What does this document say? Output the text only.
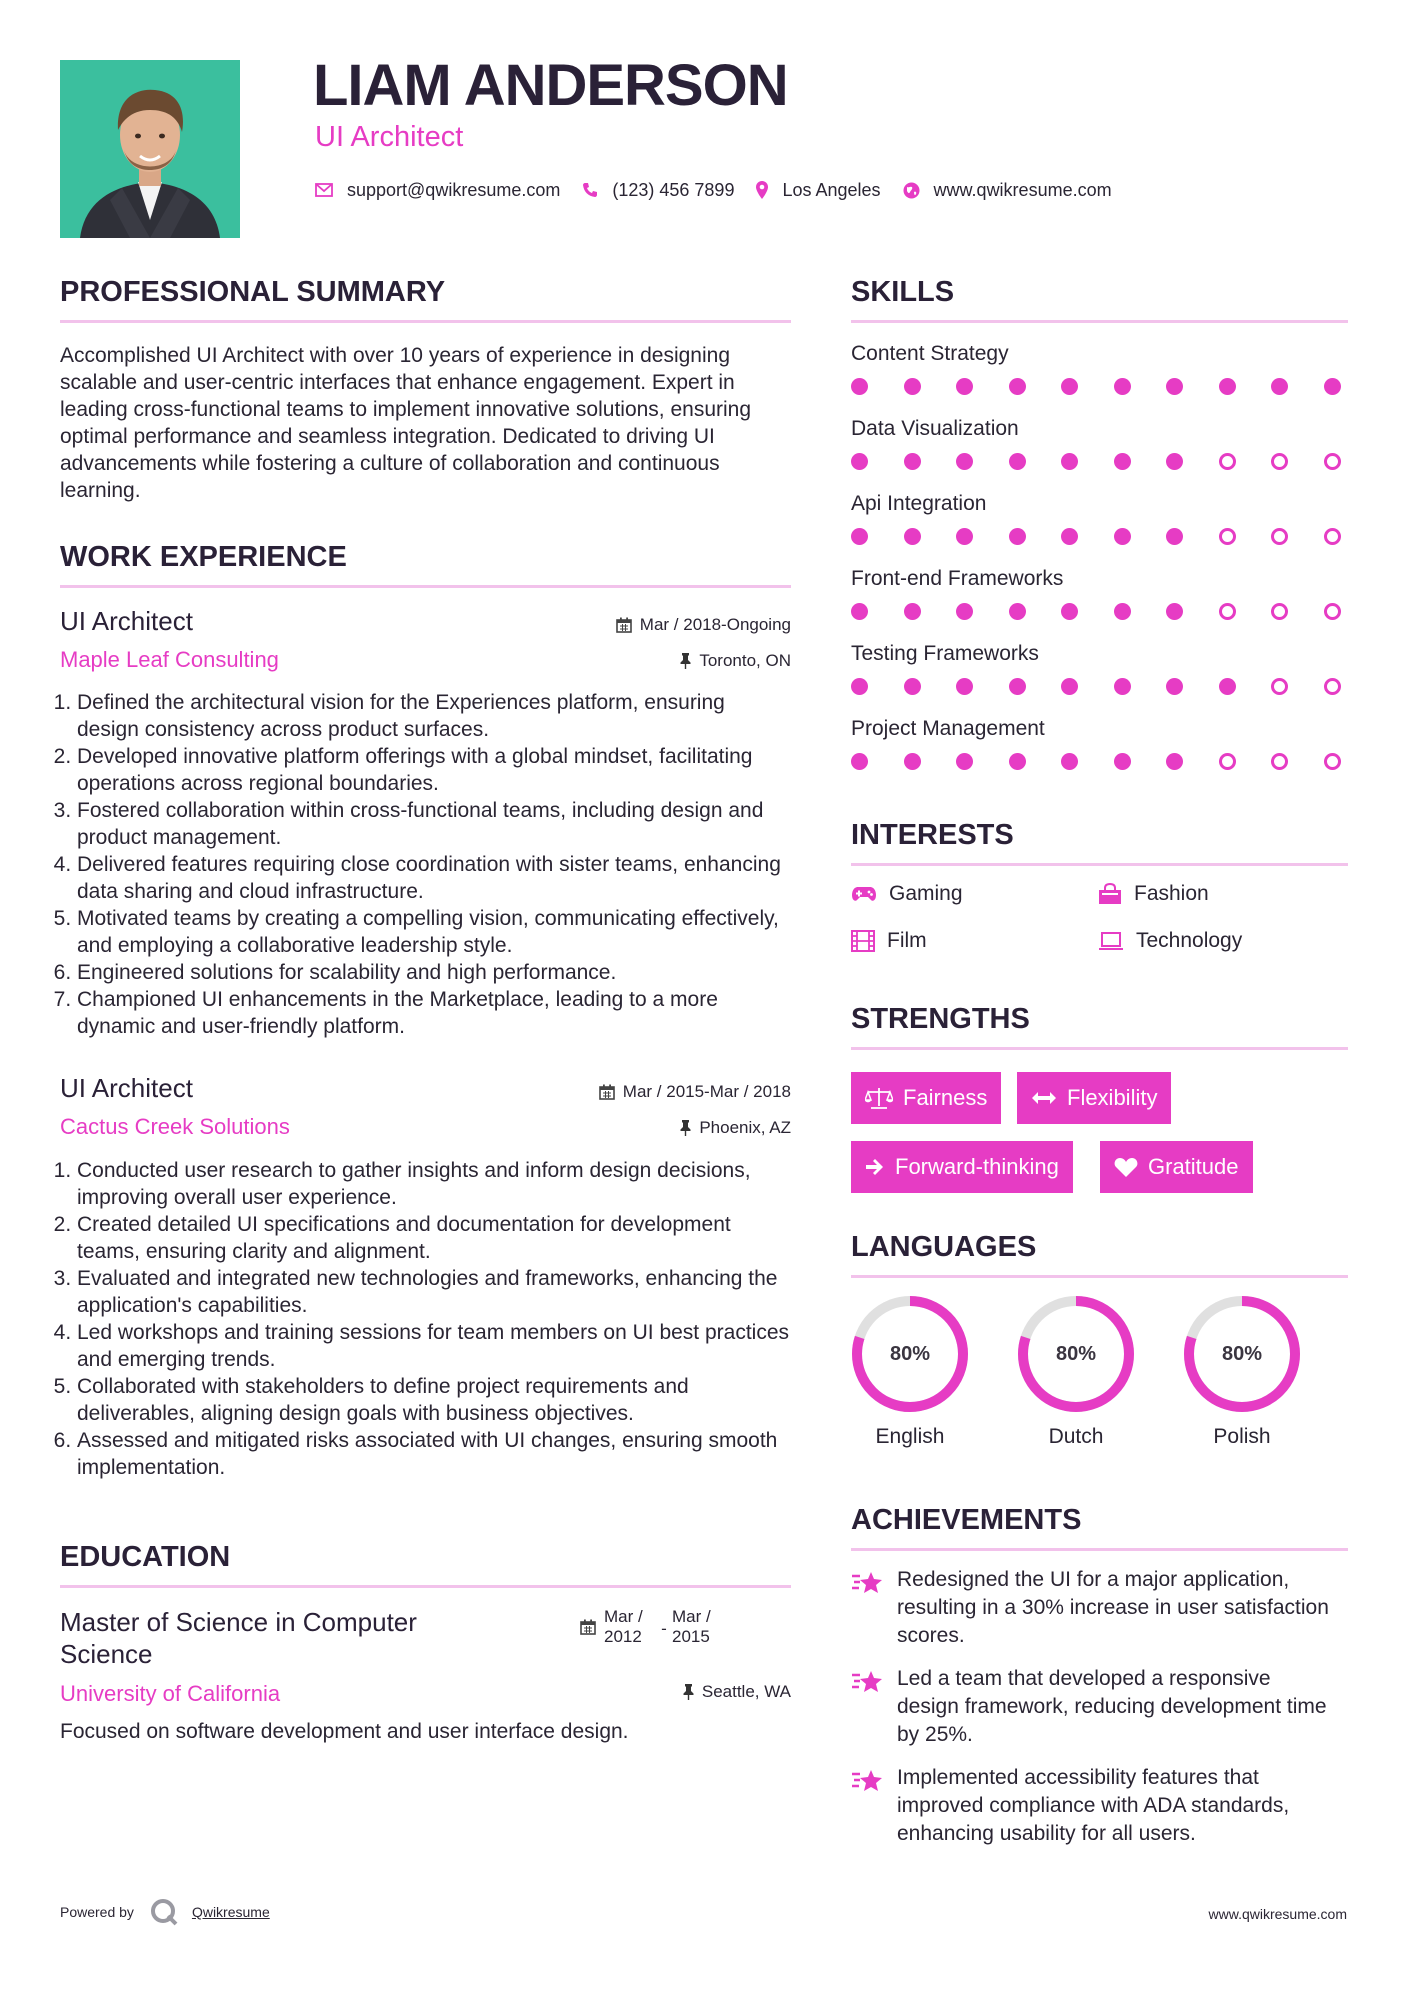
LIAM ANDERSON
UI Architect
support@qwikresume.com	(123) 456 7899	Los Angeles	www.qwikresume.com
PROFESSIONAL SUMMARY
Accomplished UI Architect with over 10 years of experience in designing scalable and user-centric interfaces that enhance engagement. Expert in leading cross-functional teams to implement innovative solutions, ensuring optimal performance and seamless integration. Dedicated to driving UI advancements while fostering a culture of collaboration and continuous learning.
WORK EXPERIENCE
UI Architect	Mar / 2018-Ongoing
Maple Leaf Consulting	Toronto, ON
1. Defined the architectural vision for the Experiences platform, ensuring design consistency across product surfaces.
2. Developed innovative platform offerings with a global mindset, facilitating operations across regional boundaries.
3. Fostered collaboration within cross-functional teams, including design and product management.
4. Delivered features requiring close coordination with sister teams, enhancing data sharing and cloud infrastructure.
5. Motivated teams by creating a compelling vision, communicating effectively, and employing a collaborative leadership style.
6. Engineered solutions for scalability and high performance.
7. Championed UI enhancements in the Marketplace, leading to a more dynamic and user-friendly platform.
UI Architect	Mar / 2015-Mar / 2018
Cactus Creek Solutions	Phoenix, AZ
1. Conducted user research to gather insights and inform design decisions, improving overall user experience.
2. Created detailed UI specifications and documentation for development teams, ensuring clarity and alignment.
3. Evaluated and integrated new technologies and frameworks, enhancing the application's capabilities.
4. Led workshops and training sessions for team members on UI best practices and emerging trends.
5. Collaborated with stakeholders to define project requirements and deliverables, aligning design goals with business objectives.
6. Assessed and mitigated risks associated with UI changes, ensuring smooth implementation.
EDUCATION
Master of Science in Computer Science
Mar / 2012	-
Mar / 2015
University of California	Seattle, WA
Focused on software development and user interface design.
SKILLS
Content Strategy
Data Visualization
Api Integration
Front-end Frameworks
Testing Frameworks
Project Management
INTERESTS
Gaming	Fashion
Film	Technology
STRENGTHS
Fairness	Flexibility
Forward-thinking	Gratitude
LANGUAGES
80%
English
80%
Dutch
80%
Polish
ACHIEVEMENTS
Redesigned the UI for a major application, resulting in a 30% increase in user satisfaction scores.
Led a team that developed a responsive design framework, reducing development time by 25%.
Implemented accessibility features that improved compliance with ADA standards, enhancing usability for all users.
Powered by	Qwikresume	www.qwikresume.com
